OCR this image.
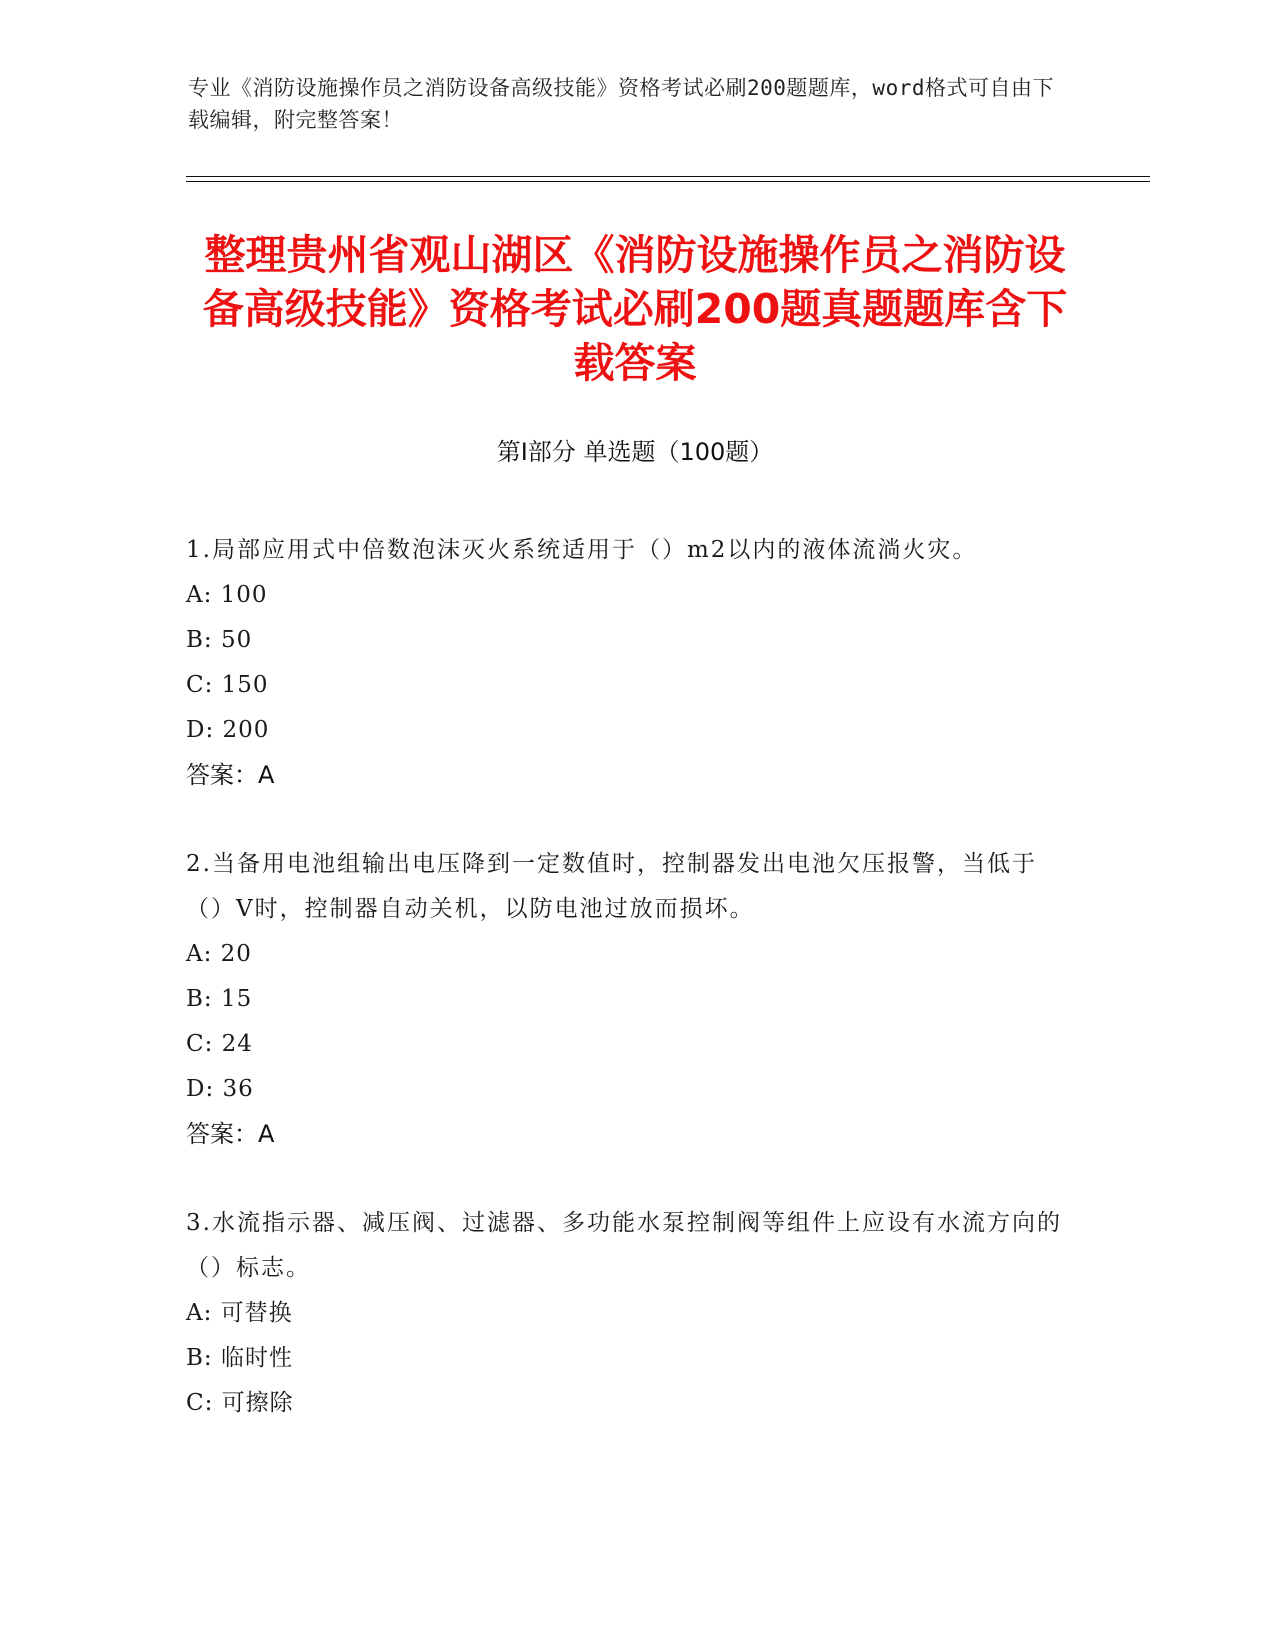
专业《消防设施操作员之消防设备高级技能》资格考试必刷200题题库，word格式可自由下载编辑，附完整答案！
整理贵州省观山湖区《消防设施操作员之消防设备高级技能》资格考试必刷200题真题题库含下载答案
第Ⅰ部分 单选题（100题）

1.局部应用式中倍数泡沫灭火系统适用于（）m2以内的液体流淌火灾。

A: 100
B: 50
C: 150
D: 200
答案：A

2.当备用电池组输出电压降到一定数值时，控制器发出电池欠压报警，当低于（）V时，控制器自动关机，以防电池过放而损坏。

A: 20
B: 15
C: 24
D: 36
答案：A

3.水流指示器、减压阀、过滤器、多功能水泵控制阀等组件上应设有水流方向的（）标志。

A: 可替换
B: 临时性
C: 可擦除
